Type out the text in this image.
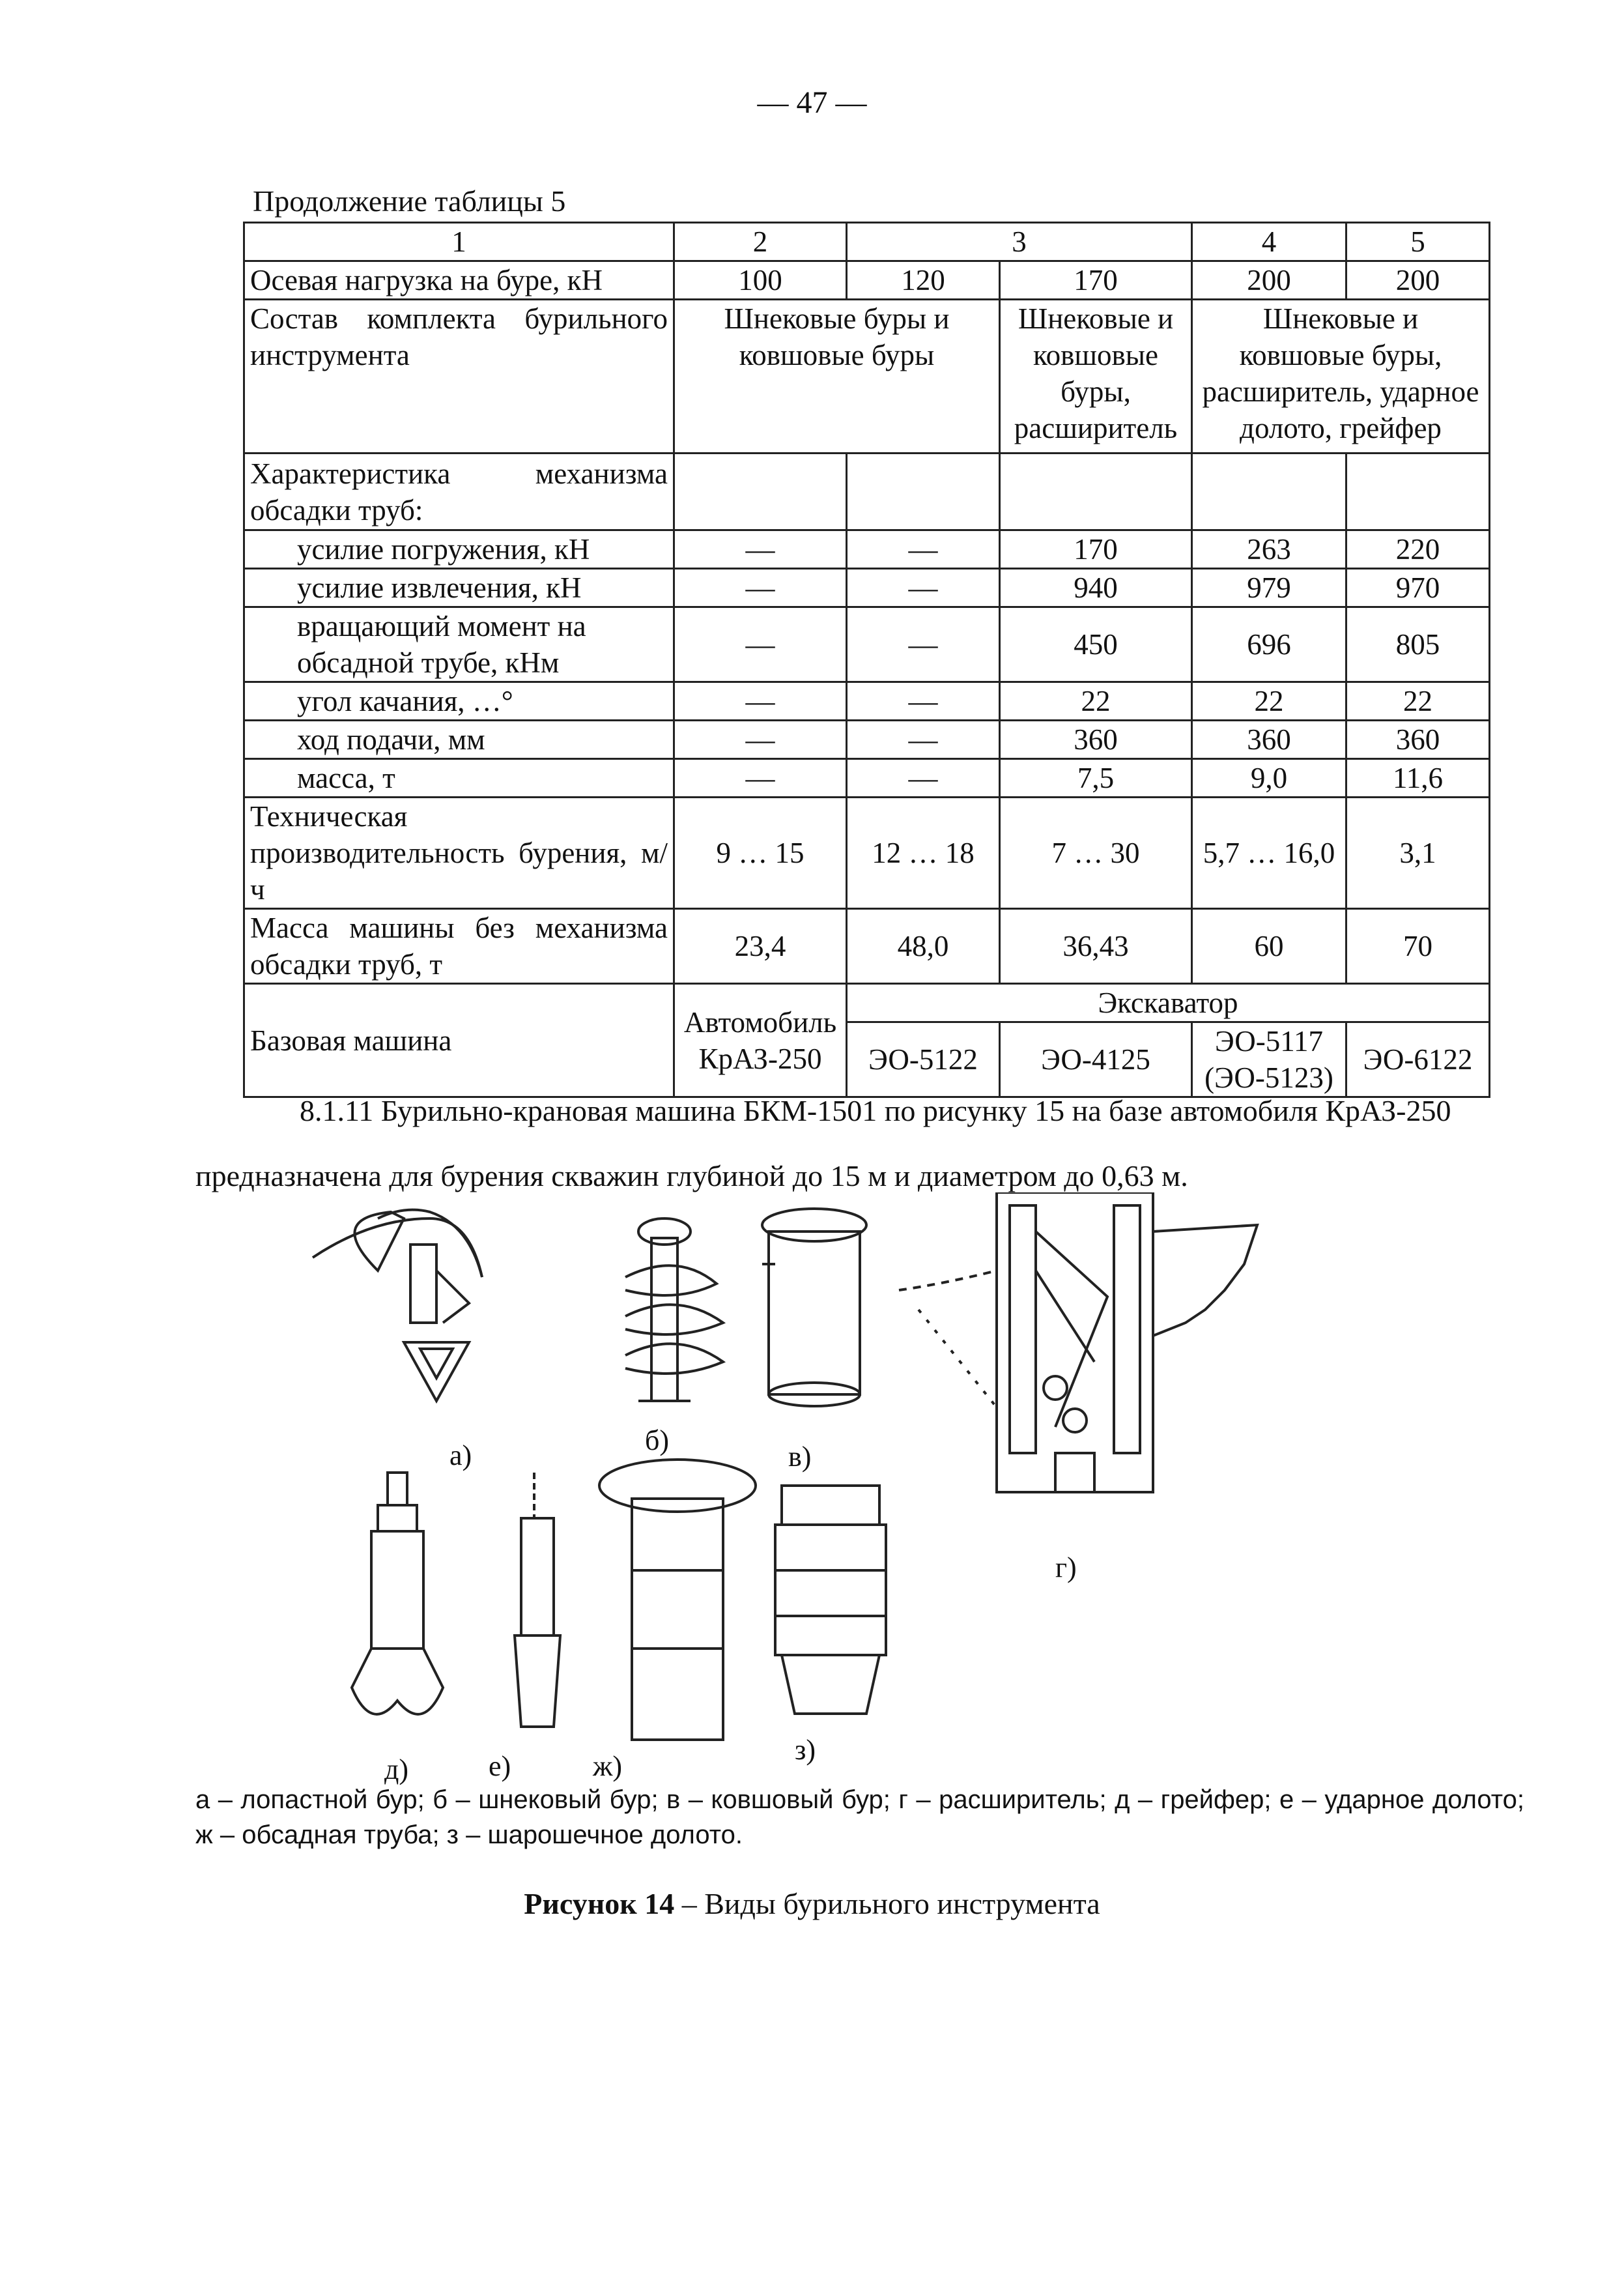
— 47 —
Продолжение таблицы 5
1	2	3		4	5
Осевая нагрузка на буре, кН	100	120	170	200	200
Состав комплекта бурильного инструмента	Шнековые буры и ковшовые буры		Шнековые и ковшовые буры, расширитель	Шнековые и ковшовые буры, расширитель, ударное долото, грейфер	
Характеристика механизма обсадки труб:					
усилие погружения, кН	—	—	170	263	220
усилие извлечения, кН	—	—	940	979	970
вращающий момент на обсадной трубе, кНм	—	—	450	696	805
угол качания, …°	—	—	22	22	22
ход подачи, мм	—	—	360	360	360
масса, т	—	—	7,5	9,0	11,6
Техническая производительность бурения, м/ч	9 … 15	12 … 18	7 … 30	5,7 … 16,0	3,1
Масса машины без механизма обсадки труб, т	23,4	48,0	36,43	60	70
Базовая машина	Автомобиль КрАЗ-250	Экскаватор			
		ЭО-5122	ЭО-4125	ЭО-5117 (ЭО-5123)	ЭО-6122
8.1.11 Бурильно-крановая машина БКМ-1501 по рисунку 15 на базе автомобиля КрАЗ-250 предназначена для бурения скважин глубиной до 15 м и диаметром до 0,63 м.
а)	б)
в)
г)
д)	е)	ж)
з)
а – лопастной бур; б – шнековый бур; в – ковшовый бур; г – расширитель; д – грейфер; е – ударное долото; ж – обсадная труба; з – шарошечное долото.
Рисунок 14 – Виды бурильного инструмента
